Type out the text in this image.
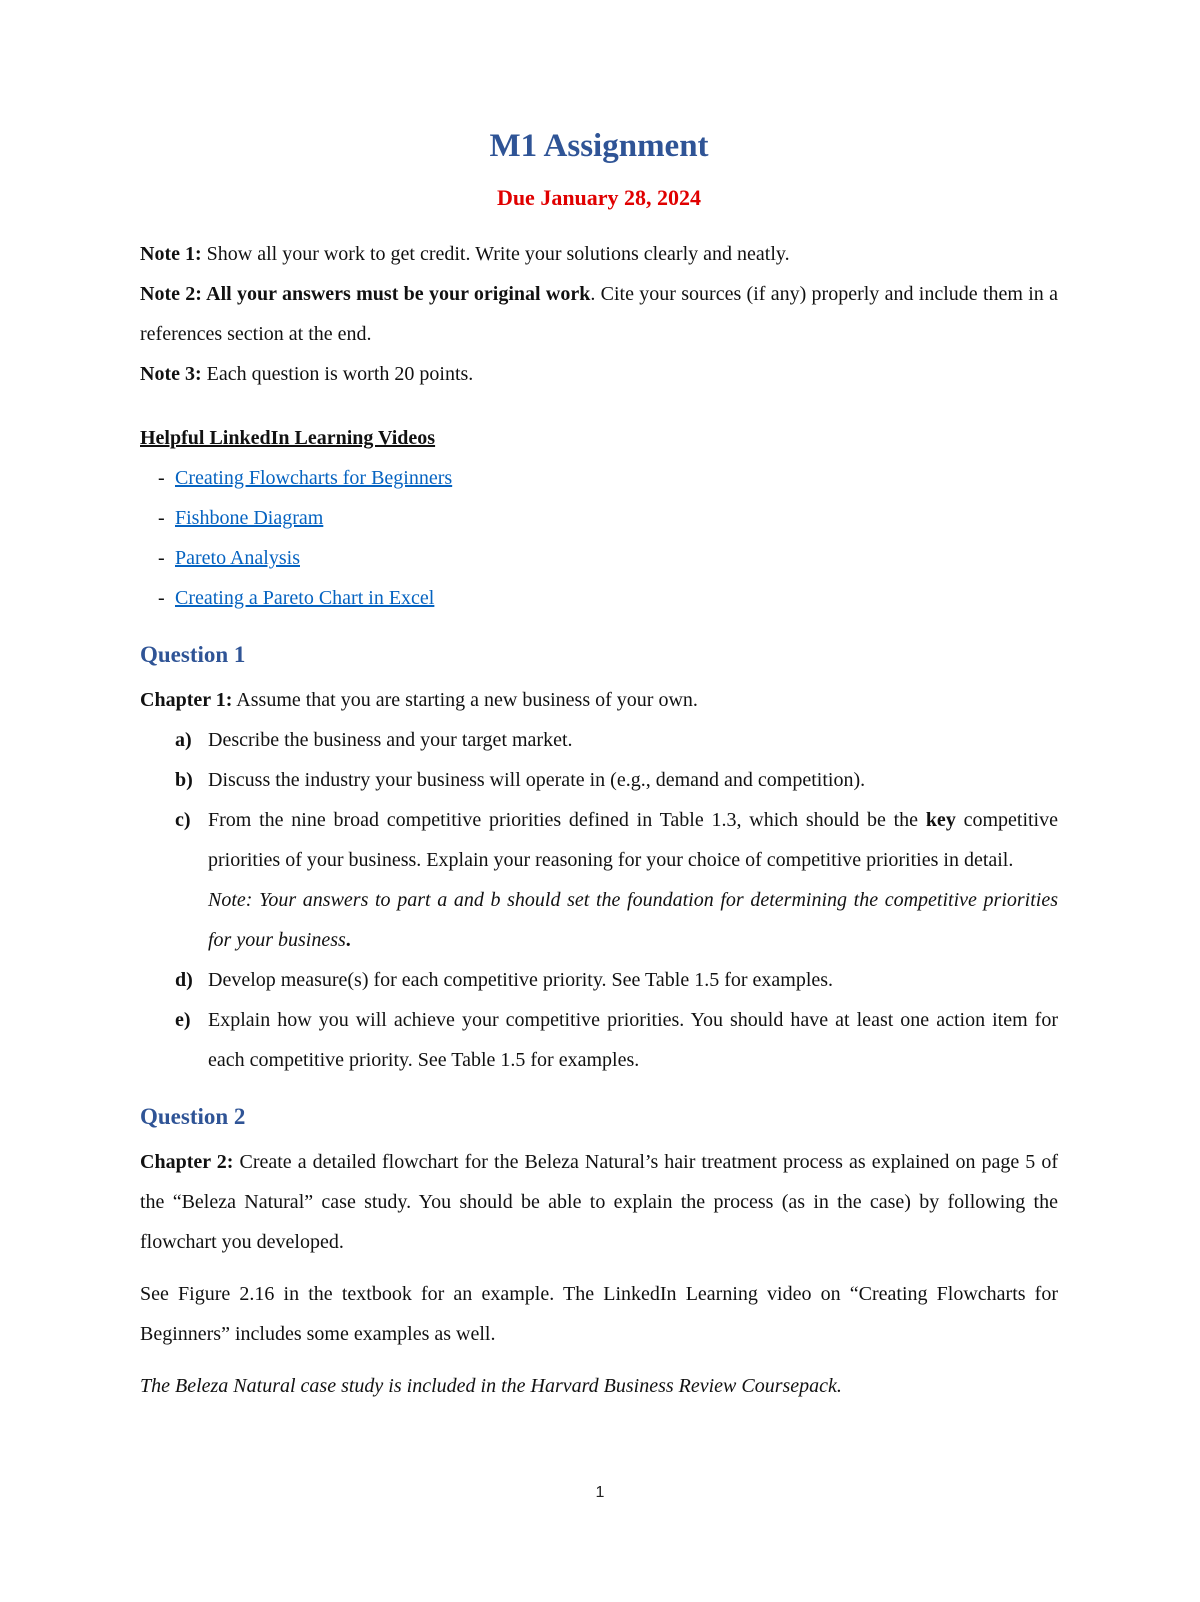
M1 Assignment
Due January 28, 2024

Note 1: Show all your work to get credit. Write your solutions clearly and neatly.

Note 2: All your answers must be your original work. Cite your sources (if any) properly and include them in a references section at the end.

Note 3: Each question is worth 20 points.

Helpful LinkedIn Learning Videos
- Creating Flowcharts for Beginners
- Fishbone Diagram
- Pareto Analysis
- Creating a Pareto Chart in Excel
Question 1

Chapter 1: Assume that you are starting a new business of your own.

a) Describe the business and your target market.
b) Discuss the industry your business will operate in (e.g., demand and competition).
c) From the nine broad competitive priorities defined in Table 1.3, which should be the key competitive priorities of your business. Explain your reasoning for your choice of competitive priorities in detail.
Note: Your answers to part a and b should set the foundation for determining the competitive priorities for your business.
d) Develop measure(s) for each competitive priority. See Table 1.5 for examples.
e) Explain how you will achieve your competitive priorities. You should have at least one action item for each competitive priority. See Table 1.5 for examples.
Question 2

Chapter 2: Create a detailed flowchart for the Beleza Natural’s hair treatment process as explained on page 5 of the “Beleza Natural” case study. You should be able to explain the process (as in the case) by following the flowchart you developed.

See Figure 2.16 in the textbook for an example. The LinkedIn Learning video on “Creating Flowcharts for Beginners” includes some examples as well.

The Beleza Natural case study is included in the Harvard Business Review Coursepack.

1
